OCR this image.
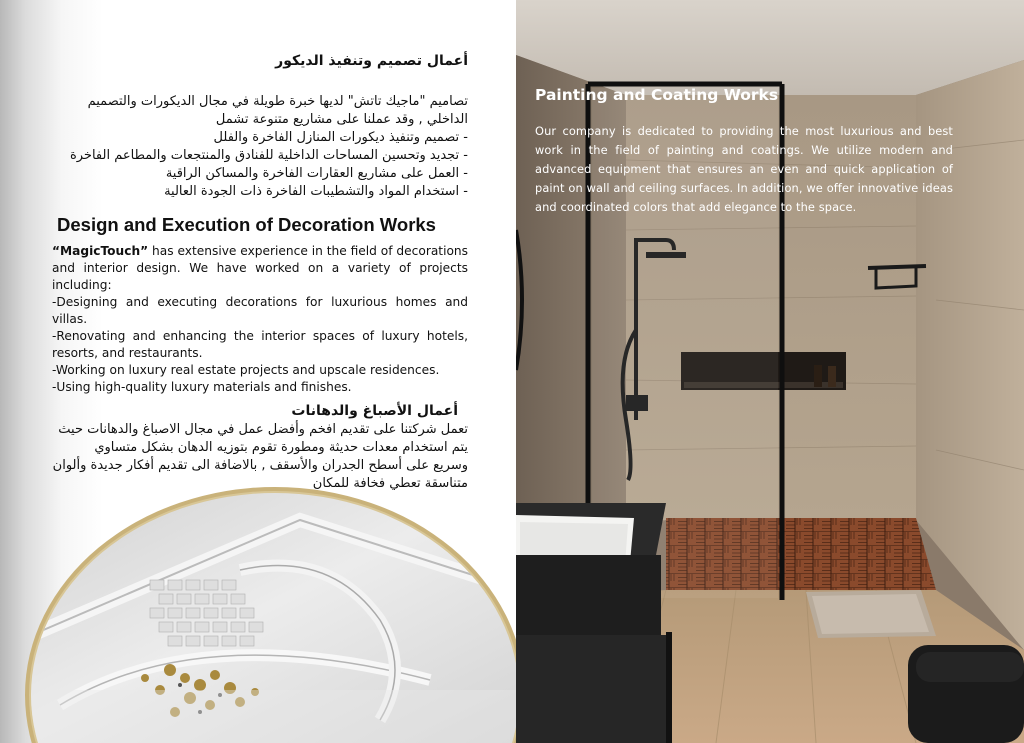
أعمال تصميم وتنفيذ الديكور
تصاميم "ماجيك تاتش" لديها خبرة طويلة في مجال الديكورات والتصميم
الداخلي , وقد عملنا على مشاريع متنوعة تشمل
- تصميم وتنفيذ ديكورات المنازل الفاخرة والفلل
- تجديد وتحسين المساحات الداخلية للفنادق والمنتجعات والمطاعم الفاخرة
- العمل على مشاريع العقارات الفاخرة والمساكن الراقية
- استخدام المواد والتشطيبات الفاخرة ذات الجودة العالية
Design and Execution of Decoration Works

“MagicTouch” has extensive experience in the field of decorations and interior design. We have worked on a variety of projects including:

-Designing and executing decorations for luxurious homes and villas.

-Renovating and enhancing the interior spaces of luxury hotels, resorts, and restaurants.

-Working on luxury real estate projects and upscale residences.

-Using high-quality luxury materials and finishes.

أعمال الأصباغ والدهانات
تعمل شركتنا على تقديم افخم وأفضل عمل في مجال الاصباغ والدهانات حيث
يتم استخدام معدات حديثة ومطورة تقوم بتوزيه الدهان بشكل متساوي
وسريع على أسطح الجدران والأسقف , بالاضافة الى تقديم أفكار جديدة وألوان
متناسقة تعطي فخافة للمكان
Painting and Coating Works
Our company is dedicated to providing the most luxurious and best work in the field of painting and coatings. We utilize modern and advanced equipment that ensures an even and quick application of paint on wall and ceiling surfaces. In addition, we offer innovative ideas and coordinated colors that add elegance to the space.
